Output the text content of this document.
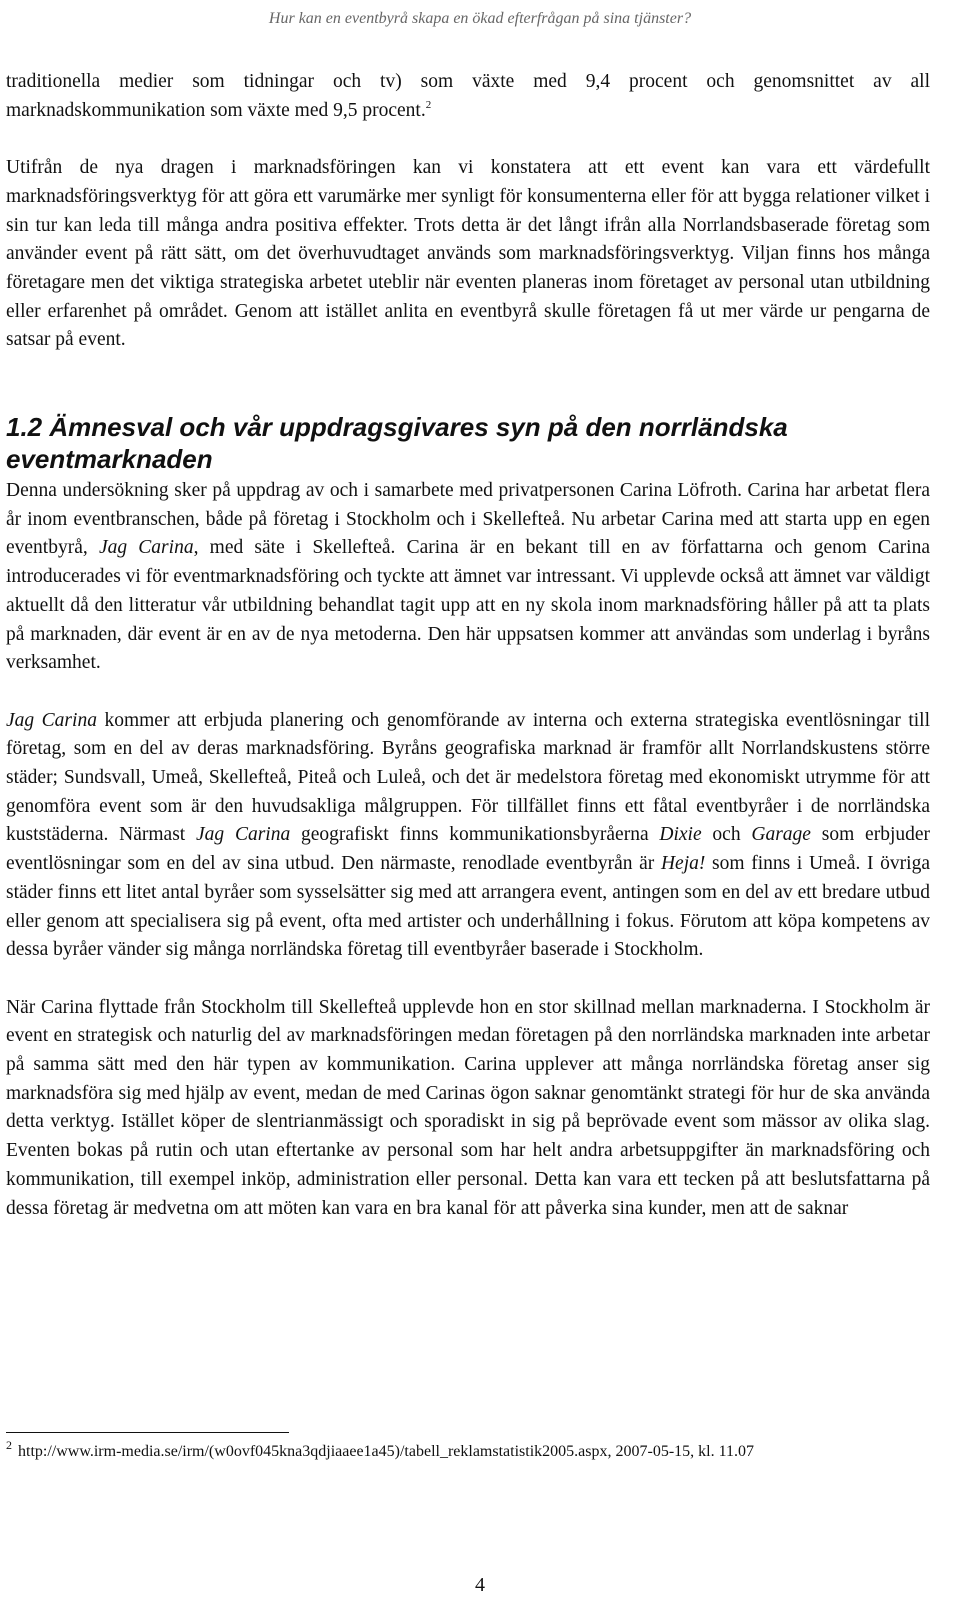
Hur kan en eventbyrå skapa en ökad efterfrågan på sina tjänster?

traditionella medier som tidningar och tv) som växte med 9,4 procent och genomsnittet av all marknadskommunikation som växte med 9,5 procent.$^2$

Utifrån de nya dragen i marknadsföringen kan vi konstatera att ett event kan vara ett värdefullt marknadsföringsverktyg för att göra ett varumärke mer synligt för konsumenterna eller för att bygga relationer vilket i sin tur kan leda till många andra positiva effekter. Trots detta är det långt ifrån alla Norrlandsbaserade företag som använder event på rätt sätt, om det överhuvudtaget används som marknadsföringsverktyg. Viljan finns hos många företagare men det viktiga strategiska arbetet uteblir när eventen planeras inom företaget av personal utan utbildning eller erfarenhet på området. Genom att istället anlita en eventbyrå skulle företagen få ut mer värde ur pengarna de satsar på event.

1.2 Ämnesval och vår uppdragsgivares syn på den norrländska eventmarknaden

Denna undersökning sker på uppdrag av och i samarbete med privatpersonen Carina Löfroth. Carina har arbetat flera år inom eventbranschen, både på företag i Stockholm och i Skellefteå. Nu arbetar Carina med att starta upp en egen eventbyrå, Jag Carina, med säte i Skellefteå. Carina är en bekant till en av författarna och genom Carina introducerades vi för eventmarknadsföring och tyckte att ämnet var intressant. Vi upplevde också att ämnet var väldigt aktuellt då den litteratur vår utbildning behandlat tagit upp att en ny skola inom marknadsföring håller på att ta plats på marknaden, där event är en av de nya metoderna. Den här uppsatsen kommer att användas som underlag i byråns verksamhet.

Jag Carina kommer att erbjuda planering och genomförande av interna och externa strategiska eventlösningar till företag, som en del av deras marknadsföring. Byråns geografiska marknad är framför allt Norrlandskustens större städer; Sundsvall, Umeå, Skellefteå, Piteå och Luleå, och det är medelstora företag med ekonomiskt utrymme för att genomföra event som är den huvudsakliga målgruppen. För tillfället finns ett fåtal eventbyråer i de norrländska kuststäderna. Närmast Jag Carina geografiskt finns kommunikationsbyråerna Dixie och Garage som erbjuder eventlösningar som en del av sina utbud. Den närmaste, renodlade eventbyrån är Heja! som finns i Umeå. I övriga städer finns ett litet antal byråer som sysselsätter sig med att arrangera event, antingen som en del av ett bredare utbud eller genom att specialisera sig på event, ofta med artister och underhållning i fokus. Förutom att köpa kompetens av dessa byråer vänder sig många norrländska företag till eventbyråer baserade i Stockholm.

När Carina flyttade från Stockholm till Skellefteå upplevde hon en stor skillnad mellan marknaderna. I Stockholm är event en strategisk och naturlig del av marknadsföringen medan företagen på den norrländska marknaden inte arbetar på samma sätt med den här typen av kommunikation. Carina upplever att många norrländska företag anser sig marknadsföra sig med hjälp av event, medan de med Carinas ögon saknar genomtänkt strategi för hur de ska använda detta verktyg. Istället köper de slentrianmässigt och sporadiskt in sig på beprövade event som mässor av olika slag. Eventen bokas på rutin och utan eftertanke av personal som har helt andra arbetsuppgifter än marknadsföring och kommunikation, till exempel inköp, administration eller personal. Detta kan vara ett tecken på att beslutsfattarna på dessa företag är medvetna om att möten kan vara en bra kanal för att påverka sina kunder, men att de saknar

$^2$ http://www.irm-media.se/irm/(w0ovf045kna3qdjiaaee1a45)/tabell_reklamstatistik2005.aspx, 2007-05-15, kl. 11.07
4
